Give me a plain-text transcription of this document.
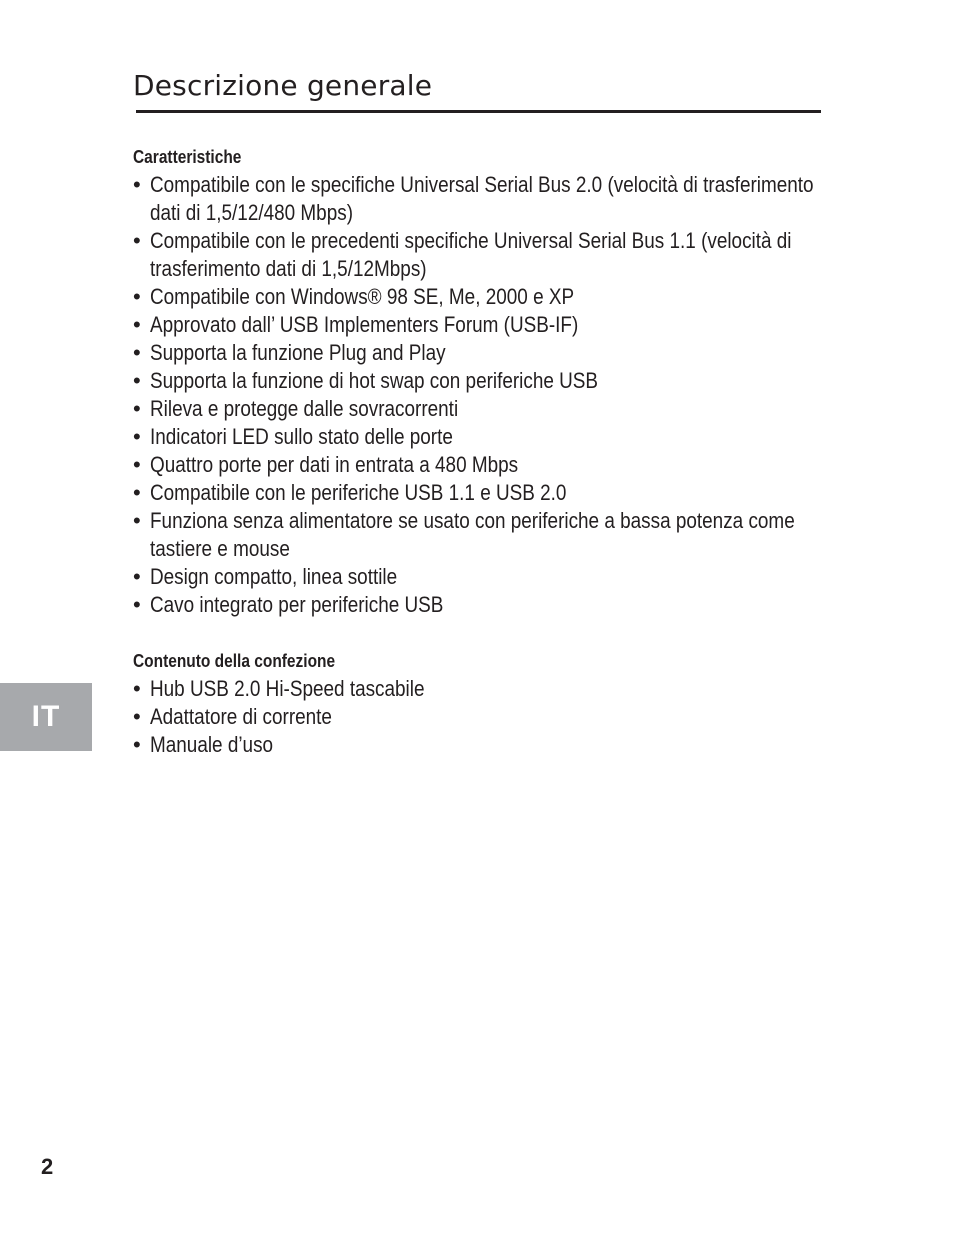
Descrizione generale
Caratteristiche
• Compatibile con le specifiche Universal Serial Bus 2.0 (velocità di trasferimento dati di 1,5/12/480 Mbps)
• Compatibile con le precedenti specifiche Universal Serial Bus 1.1 (velocità di trasferimento dati di 1,5/12Mbps)
• Compatibile con Windows® 98 SE, Me, 2000 e XP
• Approvato dall’ USB Implementers Forum (USB-IF)
• Supporta la funzione Plug and Play
• Supporta la funzione di hot swap con periferiche USB
• Rileva e protegge dalle sovracorrenti
• Indicatori LED sullo stato delle porte
• Quattro porte per dati in entrata a 480 Mbps
• Compatibile con le periferiche USB 1.1 e USB 2.0
• Funziona senza alimentatore se usato con periferiche a bassa potenza come tastiere e mouse
• Design compatto, linea sottile
• Cavo integrato per periferiche USB
Contenuto della confezione
• Hub USB 2.0 Hi-Speed tascabile
• Adattatore di corrente
• Manuale d’uso
IT
2
